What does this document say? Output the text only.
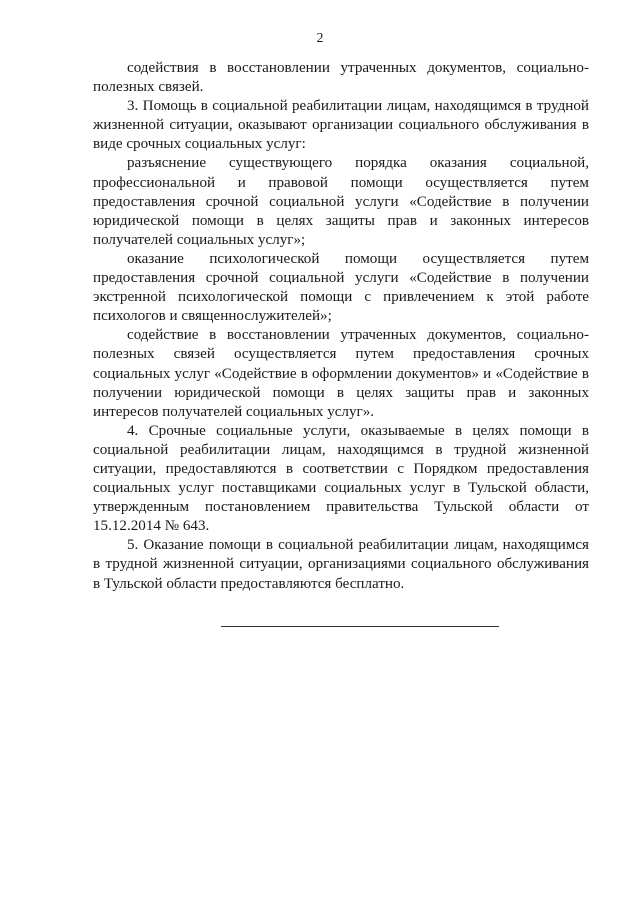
2

содействия в восстановлении утраченных документов, социально-полезных связей.

3. Помощь в социальной реабилитации лицам, находящимся в трудной жизненной ситуации, оказывают организации социального обслуживания в виде срочных социальных услуг:

разъяснение существующего порядка оказания социальной, профессиональной и правовой помощи осуществляется путем предоставления срочной социальной услуги «Содействие в получении юридической помощи в целях защиты прав и законных интересов получателей социальных услуг»;

оказание психологической помощи осуществляется путем предоставления срочной социальной услуги «Содействие в получении экстренной психологической помощи с привлечением к этой работе психологов и священнослужителей»;

содействие в восстановлении утраченных документов, социально-полезных связей осуществляется путем предоставления срочных социальных услуг «Содействие в оформлении документов» и «Содействие в получении юридической помощи в целях защиты прав и законных интересов получателей социальных услуг».

4. Срочные социальные услуги, оказываемые в целях помощи в социальной реабилитации лицам, находящимся в трудной жизненной ситуации, предоставляются в соответствии с Порядком предоставления социальных услуг поставщиками социальных услуг в Тульской области, утвержденным постановлением правительства Тульской области от 15.12.2014 № 643.

5. Оказание помощи в социальной реабилитации лицам, находящимся в трудной жизненной ситуации, организациями социального обслуживания в Тульской области предоставляются бесплатно.
